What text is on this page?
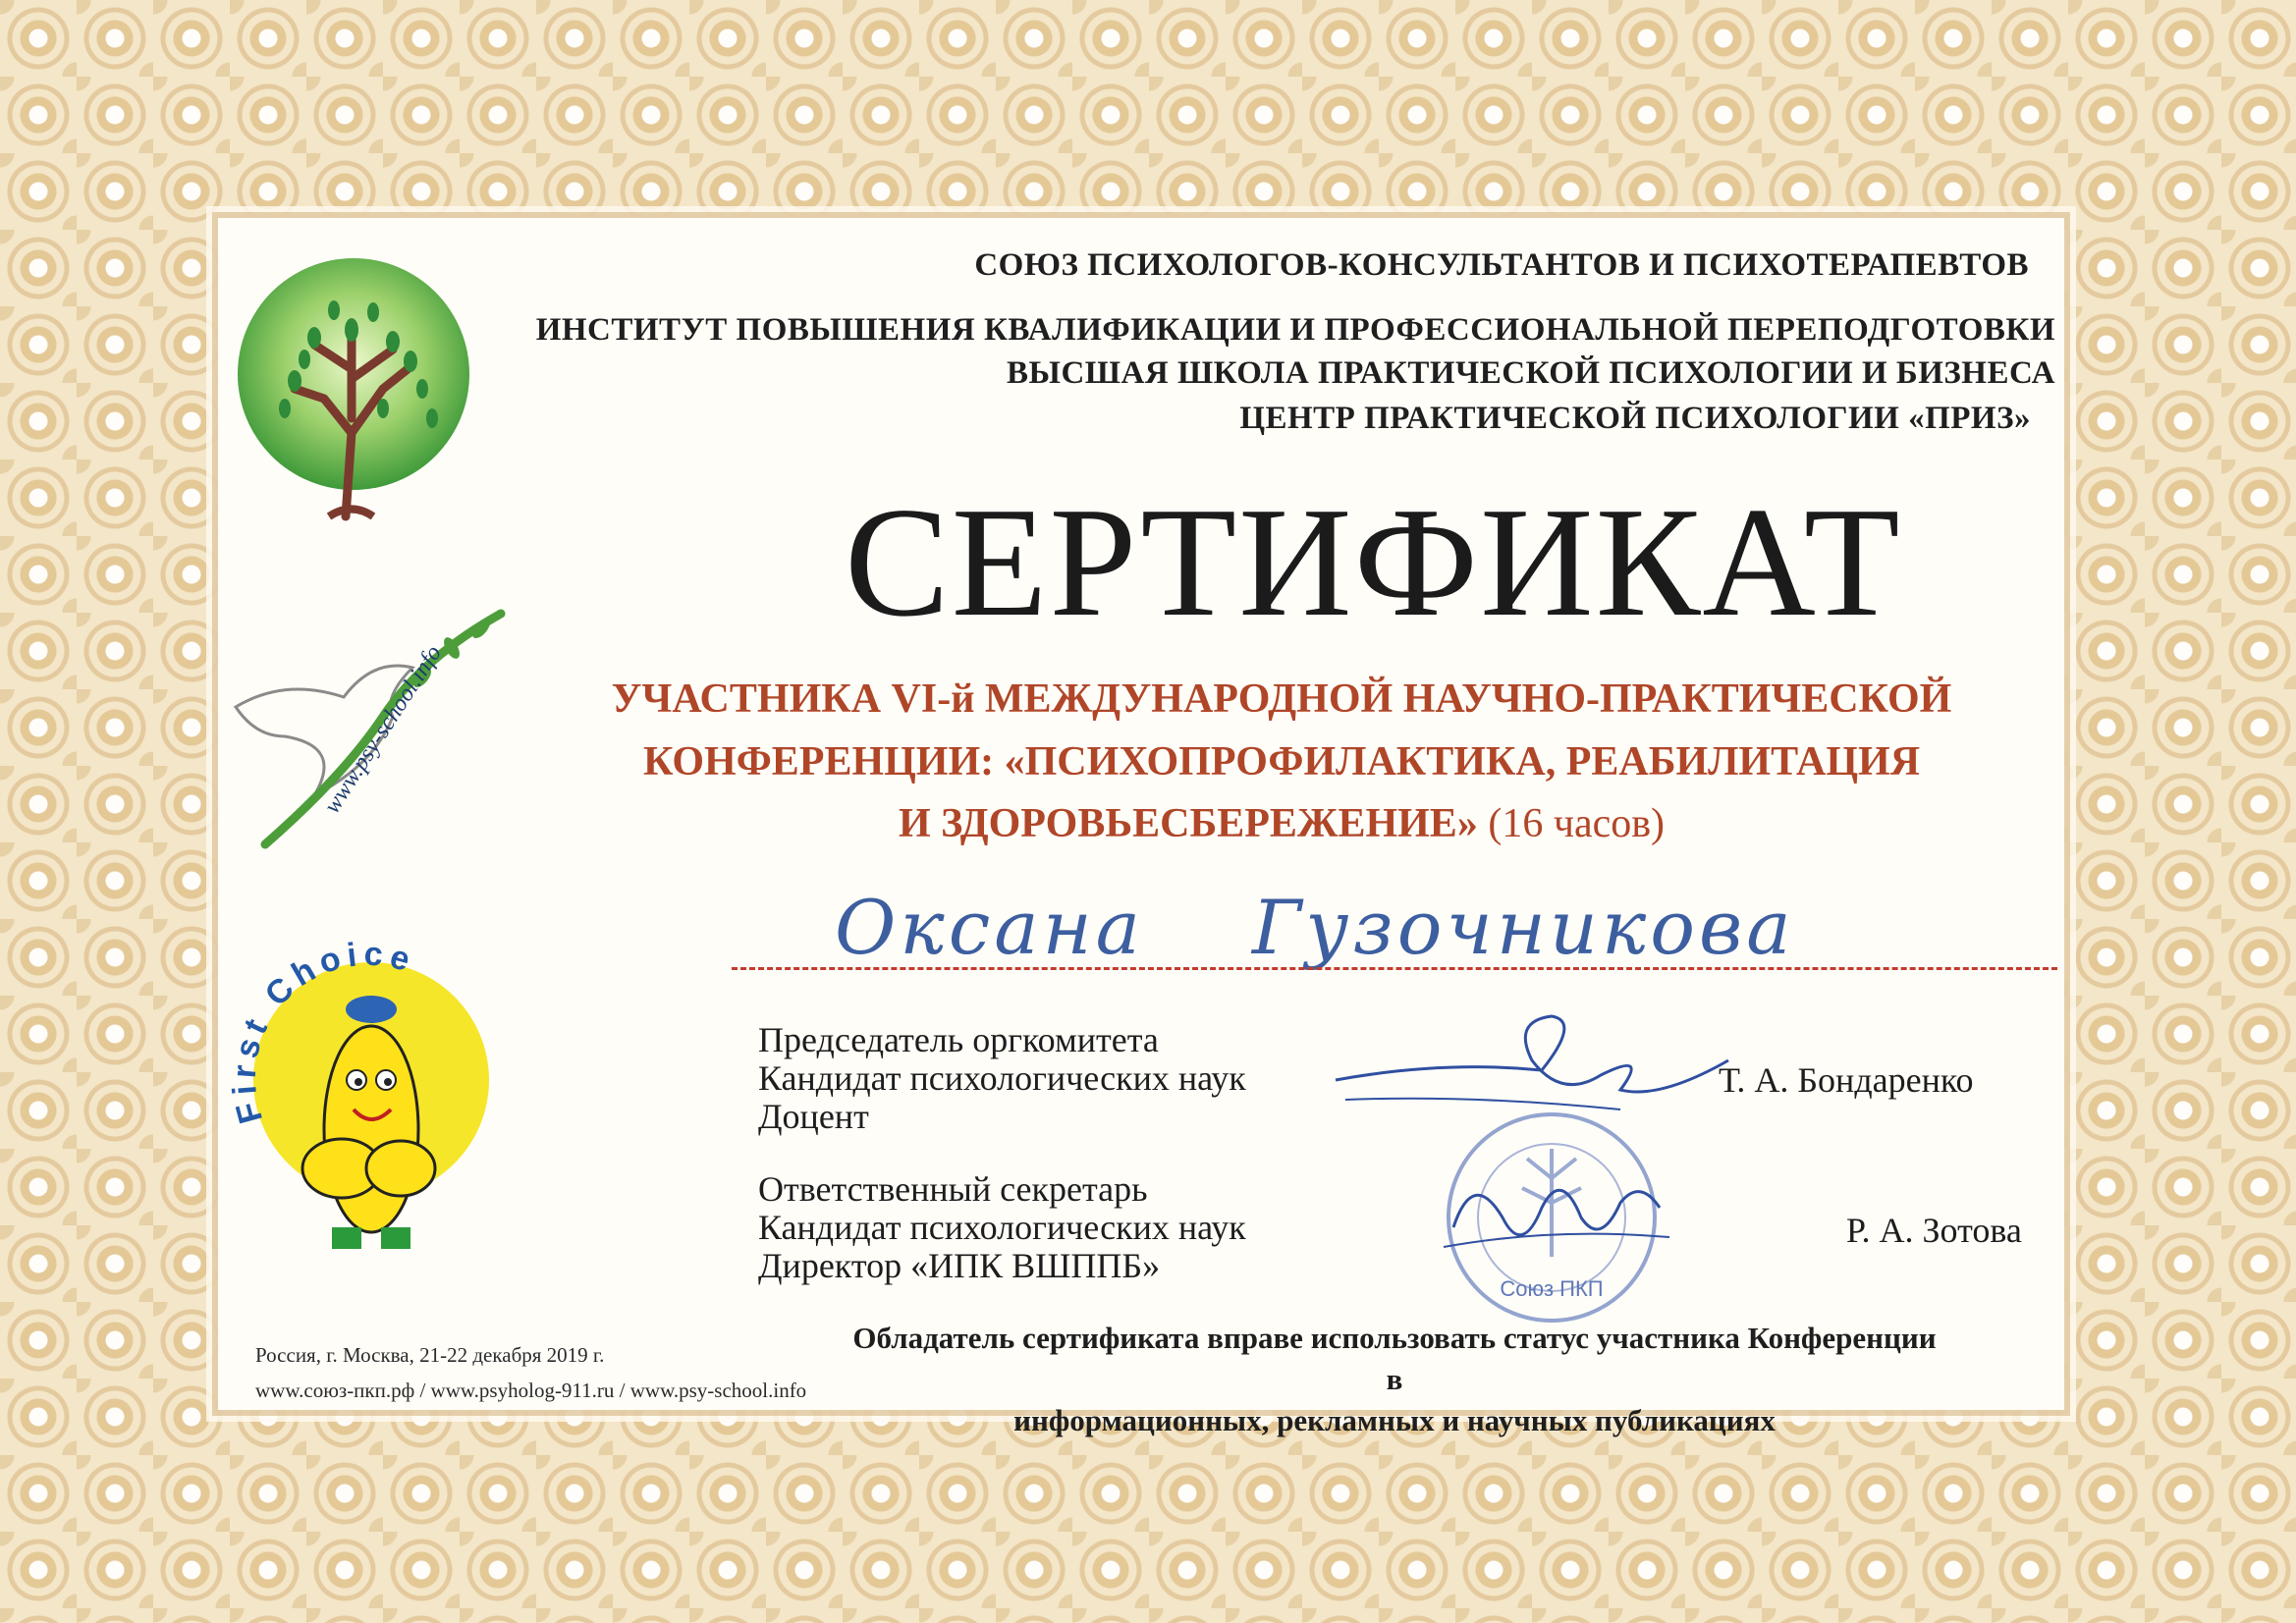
www.psy-school.info
First Choice
СОЮЗ ПСИХОЛОГОВ-КОНСУЛЬТАНТОВ И ПСИХОТЕРАПЕВТОВ
ИНСТИТУТ ПОВЫШЕНИЯ КВАЛИФИКАЦИИ И ПРОФЕССИОНАЛЬНОЙ ПЕРЕПОДГОТОВКИ
ВЫСШАЯ ШКОЛА ПРАКТИЧЕСКОЙ ПСИХОЛОГИИ И БИЗНЕСА
ЦЕНТР ПРАКТИЧЕСКОЙ ПСИХОЛОГИИ «ПРИЗ»
СЕРТИФИКАТ
УЧАСТНИКА VI-й МЕЖДУНАРОДНОЙ НАУЧНО-ПРАКТИЧЕСКОЙ
КОНФЕРЕНЦИИ: «ПСИХОПРОФИЛАКТИКА, РЕАБИЛИТАЦИЯ
И ЗДОРОВЬЕСБЕРЕЖЕНИЕ» (16 часов)
Оксана Гузочникова
Председатель оргкомитета
Кандидат психологических наук
Доцент
Т. А. Бондаренко
Ответственный секретарь
Кандидат психологических наук
Директор «ИПК ВШППБ»
Р. А. Зотова
Союз ПКП
Россия, г. Москва, 21-22 декабря 2019 г.
www.союз-пкп.рф / www.psyholog-911.ru / www.psy-school.info
Обладатель сертификата вправе использовать статус участника Конференции в
информационных, рекламных и научных публикациях
